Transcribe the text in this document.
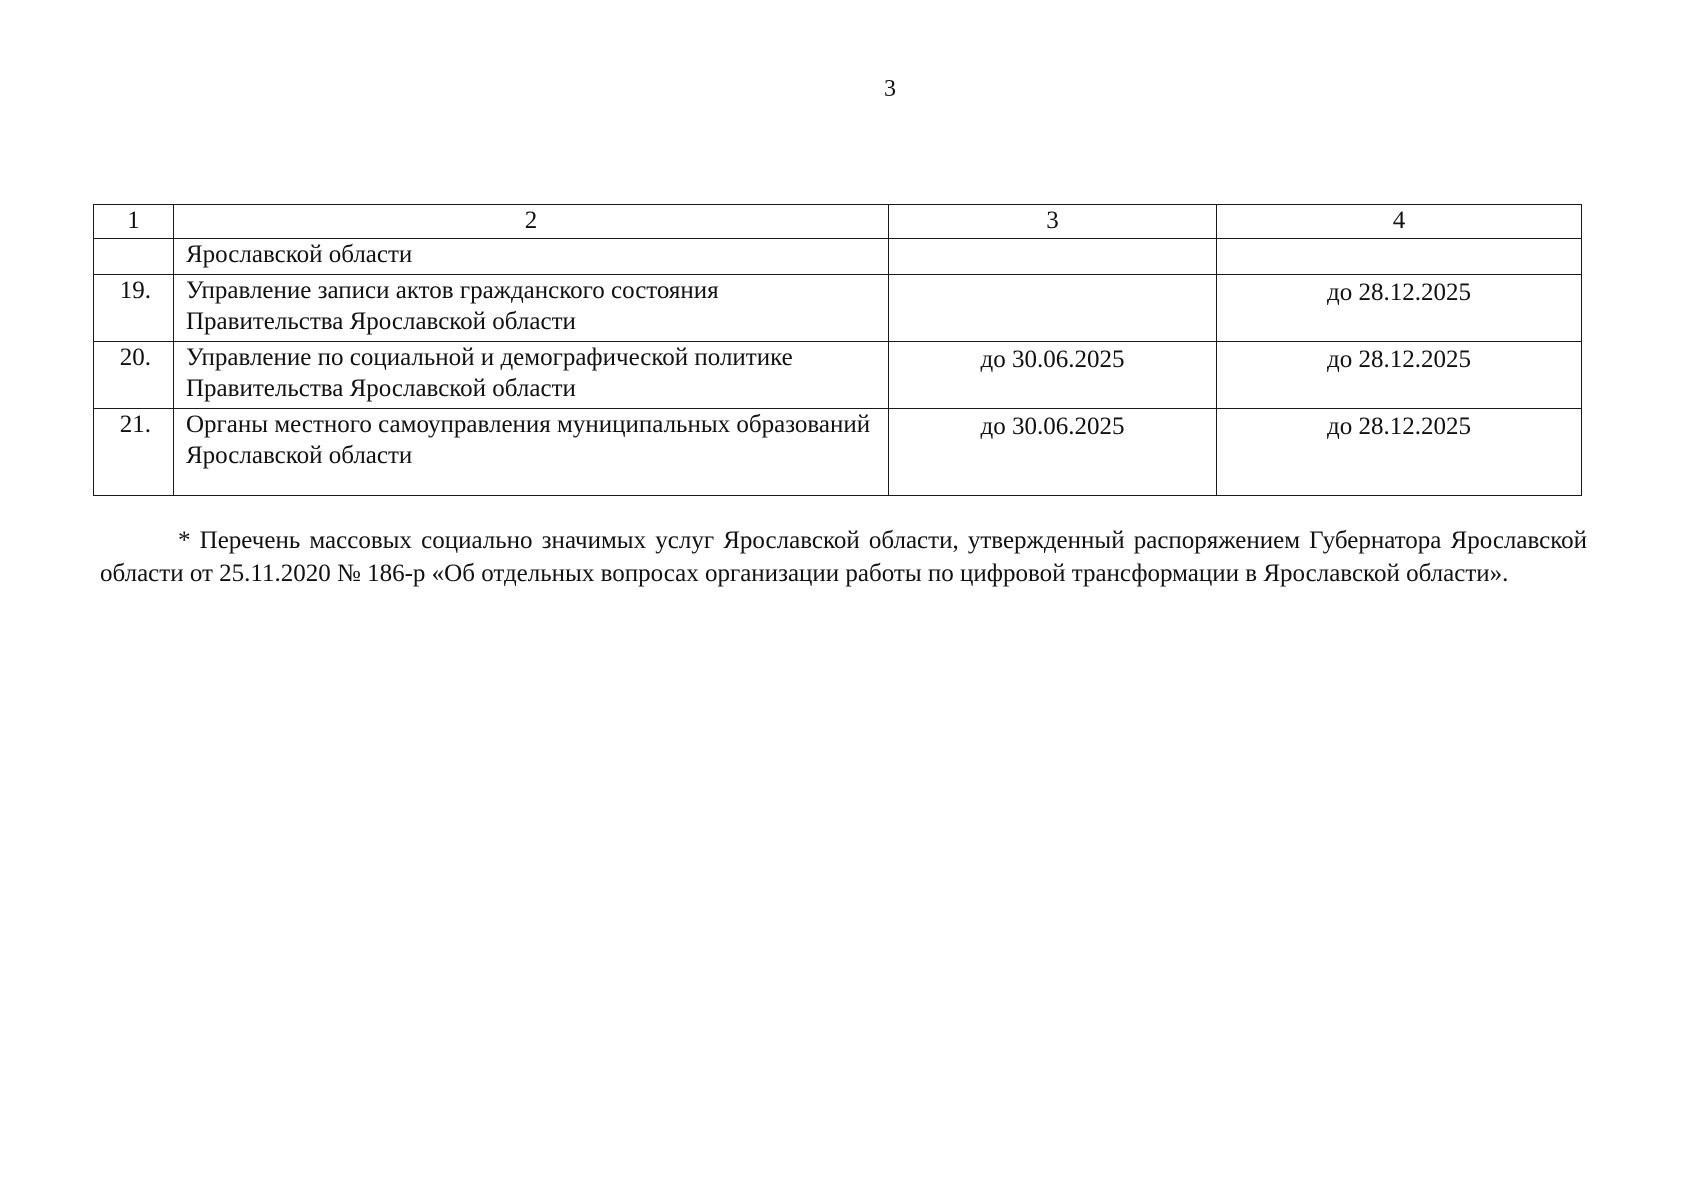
3
1	2	3	4
	Ярославской области		
19.	Управление записи актов гражданского состояния Правительства Ярославской области		до 28.12.2025
20.	Управление по социальной и демографической политике Правительства Ярославской области	до 30.06.2025	до 28.12.2025
21.	Органы местного самоуправления муниципальных образований Ярославской области	до 30.06.2025	до 28.12.2025
* Перечень массовых социально значимых услуг Ярославской области, утвержденный распоряжением Губернатора Ярославской области от 25.11.2020 № 186-р «Об отдельных вопросах организации работы по цифровой трансформации в Ярославской области».
